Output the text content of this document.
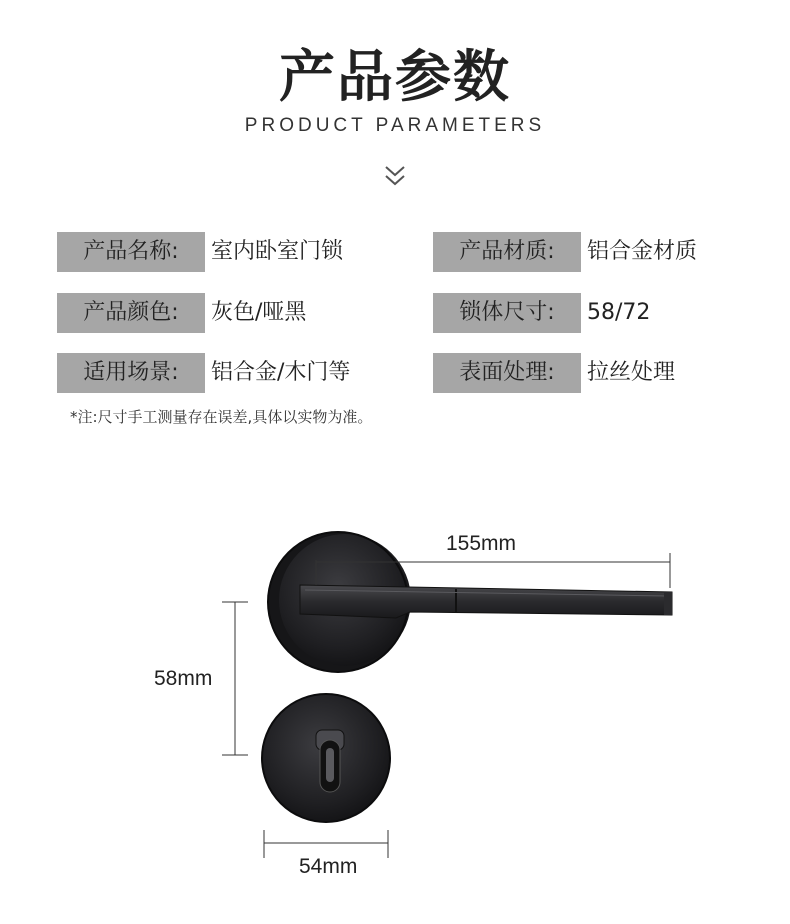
产品参数
PRODUCT PARAMETERS
产品名称:	室内卧室门锁	产品材质:	铝合金材质
产品颜色:	灰色/哑黑	锁体尺寸:	58/72
适用场景:	铝合金/木门等	表面处理:	拉丝处理
*注:尺寸手工测量存在误差,具体以实物为准。
155mm
58mm
54mm
